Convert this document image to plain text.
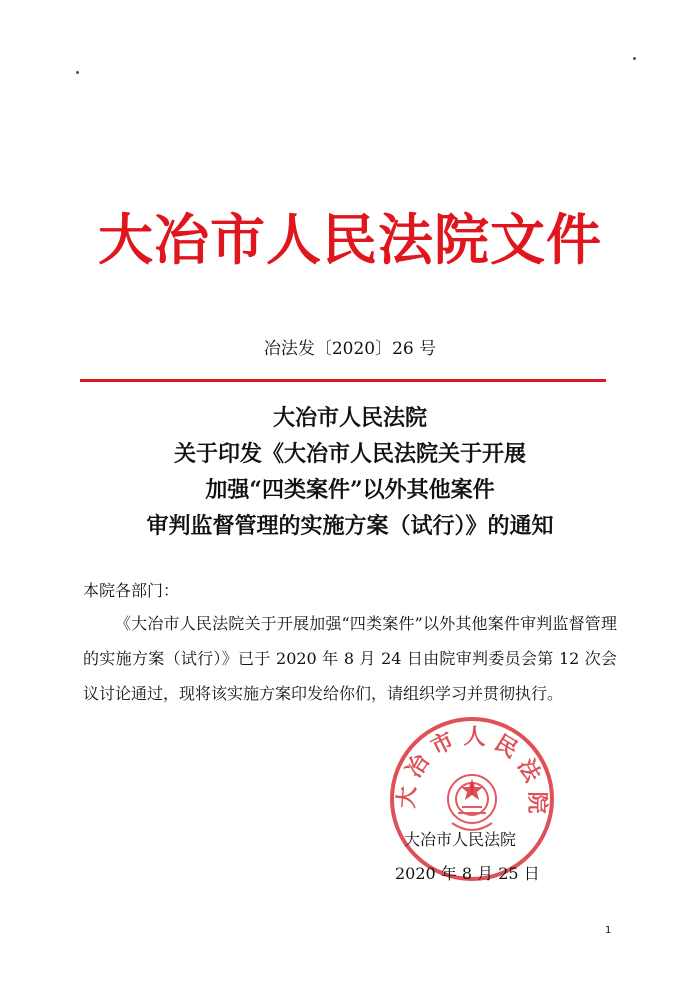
大冶市人民法院文件
冶法发〔2020〕26 号
大冶市人民法院
关于印发《大冶市人民法院关于开展
加强“四类案件”以外其他案件
审判监督管理的实施方案（试行）》的通知
本院各部门：
《大冶市人民法院关于开展加强“四类案件”以外其他案件审判监督管理的实施方案（试行）》已于 2020 年 8 月 24 日由院审判委员会第 12 次会议讨论通过，现将该实施方案印发给你们，请组织学习并贯彻执行。
大 冶 市 人 民 法 院
大冶市人民法院
2020 年 8 月 25 日
1
